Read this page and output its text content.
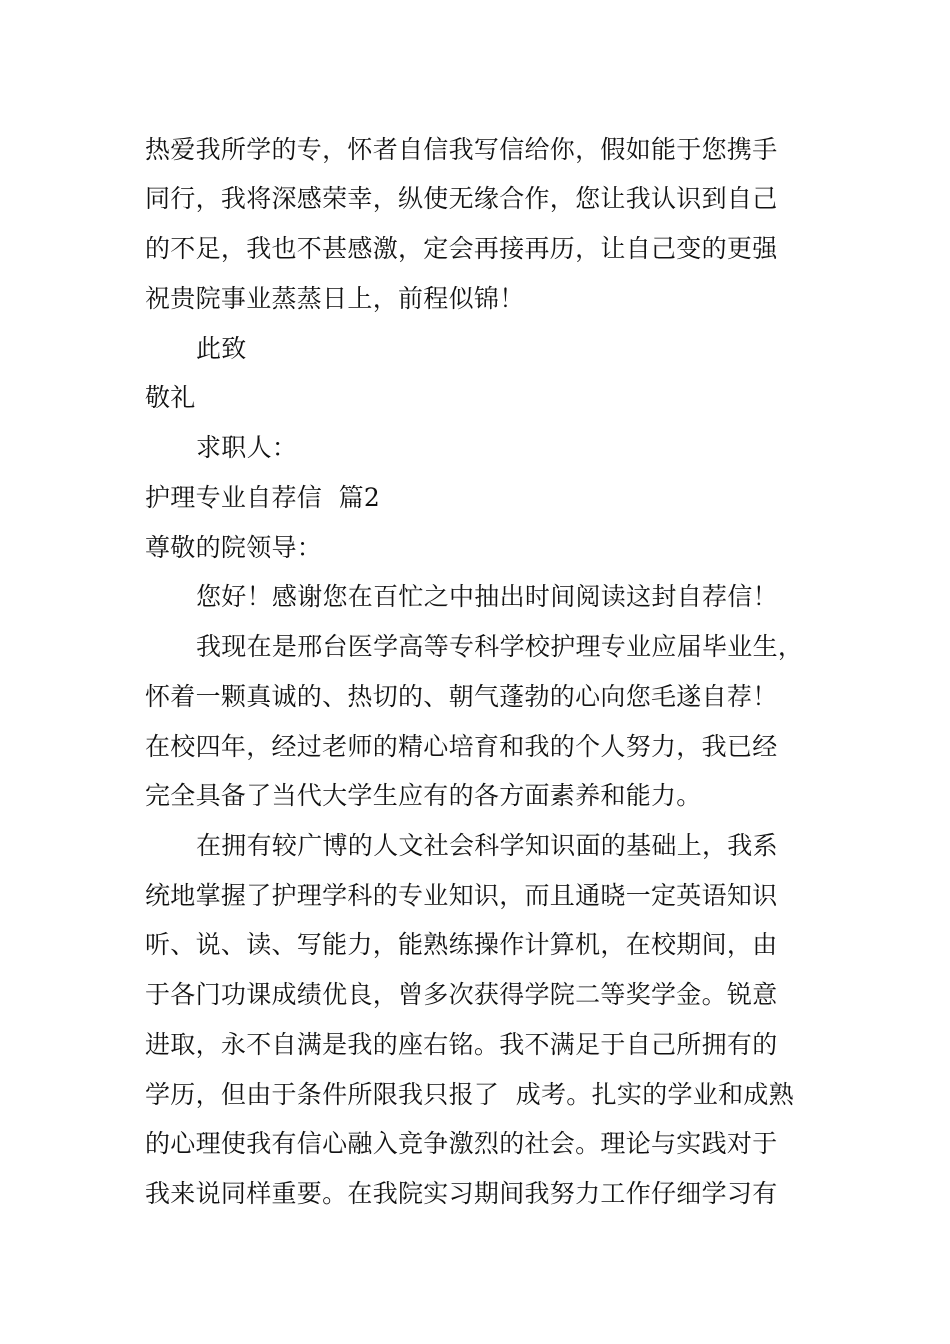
热爱我所学的专，怀者自信我写信给你，假如能于您携手
同行，我将深感荣幸，纵使无缘合作，您让我认识到自己
的不足，我也不甚感激，定会再接再历，让自己变的更强
祝贵院事业蒸蒸日上，前程似锦！
此致
敬礼
求职人：
护理专业自荐信  篇2
尊敬的院领导：
您好！感谢您在百忙之中抽出时间阅读这封自荐信！
我现在是邢台医学高等专科学校护理专业应届毕业生，
怀着一颗真诚的、热切的、朝气蓬勃的心向您毛遂自荐！
在校四年，经过老师的精心培育和我的个人努力，我已经
完全具备了当代大学生应有的各方面素养和能力。
在拥有较广博的人文社会科学知识面的基础上，我系
统地掌握了护理学科的专业知识，而且通晓一定英语知识
听、说、读、写能力，能熟练操作计算机，在校期间，由
于各门功课成绩优良，曾多次获得学院二等奖学金。锐意
进取，永不自满是我的座右铭。我不满足于自己所拥有的
学历，但由于条件所限我只报了  成考。扎实的学业和成熟
的心理使我有信心融入竞争激烈的社会。理论与实践对于
我来说同样重要。在我院实习期间我努力工作仔细学习有
